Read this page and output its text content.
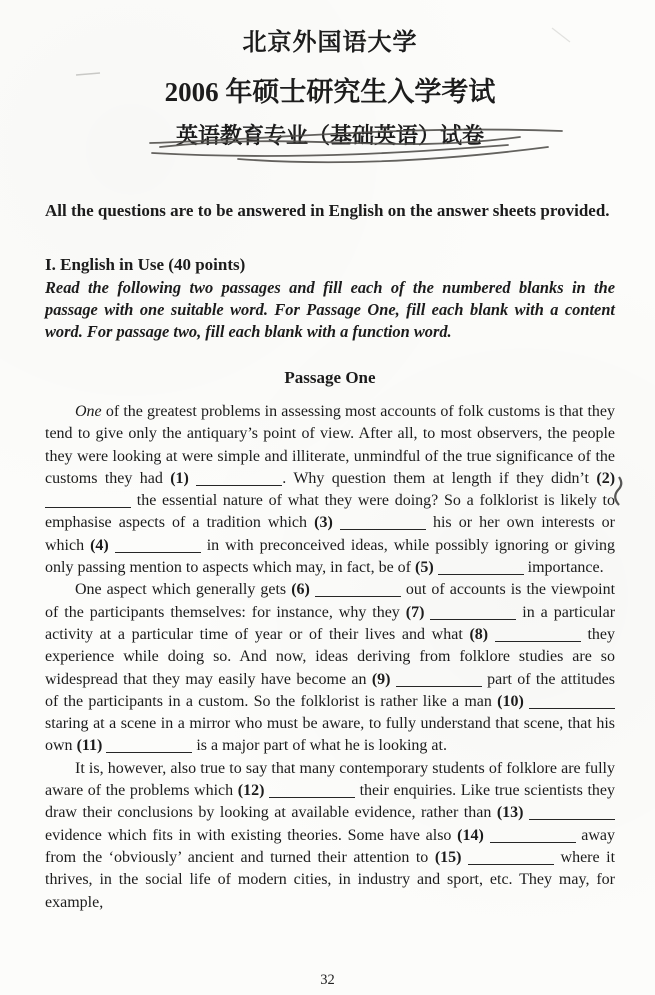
北京外国语大学
2006 年硕士研究生入学考试
英语教育专业（基础英语）试卷

All the questions are to be answered in English on the answer sheets provided.

I. English in Use (40 points)

Read the following two passages and fill each of the numbered blanks in the passage with one suitable word. For Passage One, fill each blank with a content word. For passage two, fill each blank with a function word.

Passage One

One of the greatest problems in assessing most accounts of folk customs is that they tend to give only the antiquary’s point of view. After all, to most observers, the people they were looking at were simple and illiterate, unmindful of the true significance of the customs they had (1)	. Why question them at length if they didn’t (2)  the essential nature of what they were doing? So a folklorist is likely to emphasise aspects of a tradition which (3)	his or her own interests or which (4)	in with preconceived ideas, while possibly ignoring or giving only passing mention to aspects which may, in fact, be of (5)	importance.

One aspect which generally gets (6)	out of accounts is the viewpoint of the participants themselves: for instance, why they (7)	in a particular activity at a particular time of year or of their lives and what (8)	they experience while doing so. And now, ideas deriving from folklore studies are so widespread that they may easily have become an (9)	part of the attitudes of the participants in a custom. So the folklorist is rather like a man (10)  staring at a scene in a mirror who must be aware, to fully understand that scene, that his own (11)	is a major part of what he is looking at.

It is, however, also true to say that many contemporary students of folklore are fully aware of the problems which (12)	their enquiries. Like true scientists they draw their conclusions by looking at available evidence, rather than (13)  evidence which fits in with existing theories. Some have also (14)	away from the ‘obviously’ ancient and turned their attention to (15)	where it thrives, in the social life of modern cities, in industry and sport, etc. They may, for example,

32
